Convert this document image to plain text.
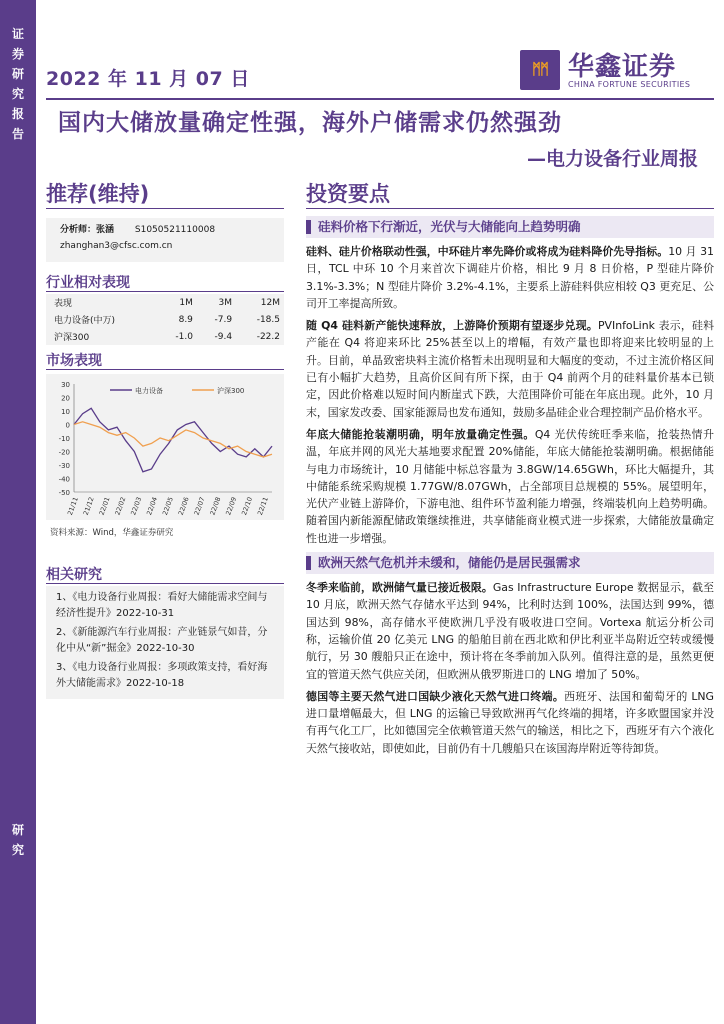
证
券
研
究
报
告
研
究
2022 年 11 月 07 日	ᛗᛗ 华鑫证券
CHINA FORTUNE SECURITIES
国内大储放量确定性强，海外户储需求仍然强劲
—电力设备行业周报
推荐(维持)	投资要点
分析师：张涵 S1050521110008
zhanghan3@cfsc.com.cn
行业相对表现
表现	1M	3M	12M
电力设备(中万)	8.9	-7.9	-18.5
沪深300	-1.0	-9.4	-22.2
市场表现
30
20
10
0
-10
-20
-30
-40
-50
21/11 21/12 22/01 22/02 22/03 22/04 22/05 22/06 22/07 22/08 22/09 22/10 22/11
电力设备	沪深300
资料来源：Wind，华鑫证券研究
相关研究
1、《电力设备行业周报：看好大储能需求空间与经济性提升》2022-10-31
2、《新能源汽车行业周报：产业链景气如昔，分化中从“新”掘金》2022-10-30
3、《电力设备行业周报：多项政策支持，看好海外大储能需求》2022-10-18
硅料价格下行渐近，光伏与大储能向上趋势明确
硅料、硅片价格联动性强，中环硅片率先降价或将成为硅料降价先导指标。10 月 31 日，TCL 中环 10 个月来首次下调硅片价格，相比 9 月 8 日价格，P 型硅片降价 3.1%-3.3%；N 型硅片降价 3.2%-4.1%，主要系上游硅料供应相较 Q3 更充足、公司开工率提高所致。
随 Q4 硅料新产能快速释放，上游降价预期有望逐步兑现。PVInfoLink 表示，硅料产能在 Q4 将迎来环比 25%甚至以上的增幅，有效产量也即将迎来比较明显的上升。目前，单晶致密块料主流价格暂未出现明显和大幅度的变动，不过主流价格区间已有小幅扩大趋势，且高价区间有所下探，由于 Q4 前两个月的硅料量价基本已锁定，因此价格难以短时间内断崖式下跌，大范围降价可能在年底出现。此外，10 月末，国家发改委、国家能源局也发布通知，鼓励多晶硅企业合理控制产品价格水平。
年底大储能抢装潮明确，明年放量确定性强。Q4 光伏传统旺季来临，抢装热情升温，年底并网的风光大基地要求配置 20%储能，年底大储能抢装潮明确。根据储能与电力市场统计，10 月储能中标总容量为 3.8GW/14.65GWh，环比大幅提升，其中储能系统采购规模 1.77GW/8.07GWh，占全部项目总规模的 55%。展望明年，光伏产业链上游降价，下游电池、组件环节盈利能力增强，终端装机向上趋势明确。随着国内新能源配储政策继续推进，共享储能商业模式进一步探索，大储能放量确定性也进一步增强。
欧洲天然气危机并未缓和，储能仍是居民强需求
冬季来临前，欧洲储气量已接近极限。Gas Infrastructure Europe 数据显示，截至 10 月底，欧洲天然气存储水平达到 94%，比利时达到 100%，法国达到 99%，德国达到 98%，高存储水平使欧洲几乎没有吸收进口空间。Vortexa 航运分析公司称，运输价值 20 亿美元 LNG 的船舶目前在西北欧和伊比利亚半岛附近空转或缓慢航行，另 30 艘船只正在途中，预计将在冬季前加入队列。值得注意的是，虽然更便宜的管道天然气供应关闭，但欧洲从俄罗斯进口的 LNG 增加了 50%。
德国等主要天然气进口国缺少液化天然气进口终端。西班牙、法国和葡萄牙的 LNG 进口量增幅最大，但 LNG 的运输已导致欧洲再气化终端的拥堵，许多欧盟国家并没有再气化工厂，比如德国完全依赖管道天然气的输送，相比之下，西班牙有六个液化天然气接收站，即使如此，目前仍有十几艘船只在该国海岸附近等待卸货。
